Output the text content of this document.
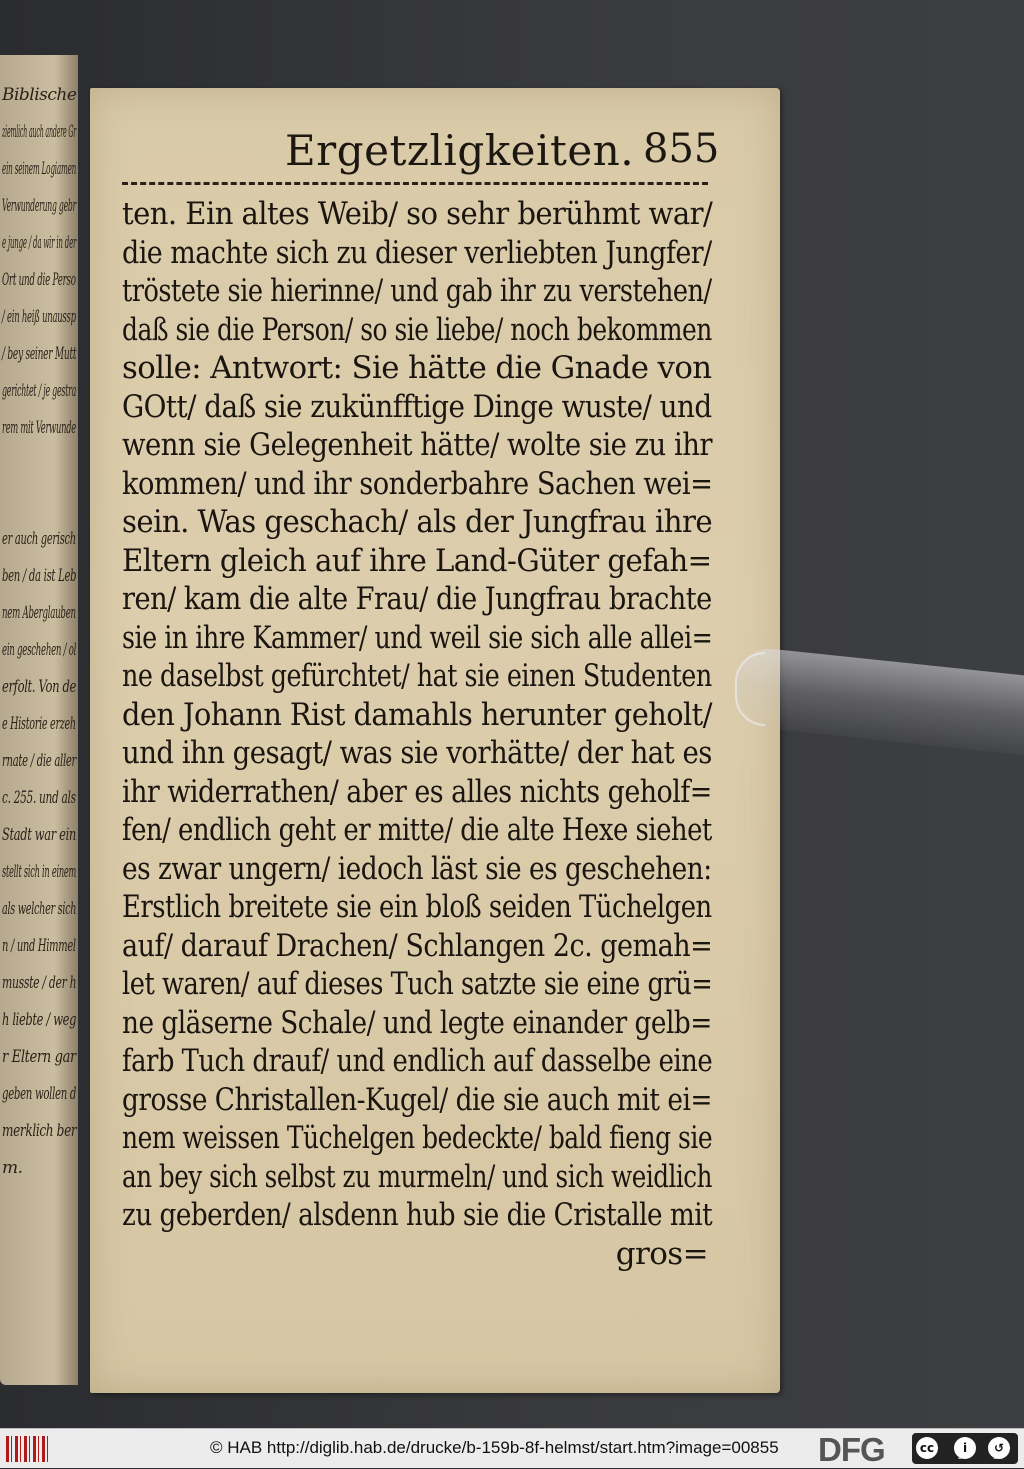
Biblische
ziemlich auch andere Gr
ein seinem Logiamen
Verwunderung gebr
e junge / da wir in der
Ort und die Perso
/ ein heiß unaussp
/ bey seiner Mutt
gerichtet / je gestra
rem mit Verwunde
er auch gerisch
ben / da ist Leb
nem Aberglauben
ein geschehen / ol
erfolt. Von de
e Historie erzeh
rnate / die aller
c. 255. und als
Stadt war ein
stellt sich in einem
als welcher sich
n / und Himmel
musste / der h
h liebte / weg
r Eltern gar
geben wollen d
merklich ber
m.
Ergetzligkeiten. 855
ten. Ein altes Weib/ so sehr berühmt war/
die machte sich zu dieser verliebten Jungfer/
tröstete sie hierinne/ und gab ihr zu verstehen/
daß sie die Person/ so sie liebe/ noch bekommen
solle: Antwort: Sie hätte die Gnade von
GOtt/ daß sie zukünfftige Dinge wuste/ und
wenn sie Gelegenheit hätte/ wolte sie zu ihr
kommen/ und ihr sonderbahre Sachen wei=
sein. Was geschach/ als der Jungfrau ihre
Eltern gleich auf ihre Land-Güter gefah=
ren/ kam die alte Frau/ die Jungfrau brachte
sie in ihre Kammer/ und weil sie sich alle allei=
ne daselbst gefürchtet/ hat sie einen Studenten
den Johann Rist damahls herunter geholt/
und ihn gesagt/ was sie vorhätte/ der hat es
ihr widerrathen/ aber es alles nichts geholf=
fen/ endlich geht er mitte/ die alte Hexe siehet
es zwar ungern/ iedoch läst sie es geschehen:
Erstlich breitete sie ein bloß seiden Tüchelgen
auf/ darauf Drachen/ Schlangen 2c. gemah=
let waren/ auf dieses Tuch satzte sie eine grü=
ne gläserne Schale/ und legte einander gelb=
farb Tuch drauf/ und endlich auf dasselbe eine
grosse Christallen-Kugel/ die sie auch mit ei=
nem weissen Tüchelgen bedeckte/ bald fieng sie
an bey sich selbst zu murmeln/ und sich weidlich
zu geberden/ alsdenn hub sie die Cristalle mit
gros=
© HAB http://diglib.hab.de/drucke/b-159b-8f-helmst/start.htm?image=00855 DFG	cc	i	↺
BY	SA
